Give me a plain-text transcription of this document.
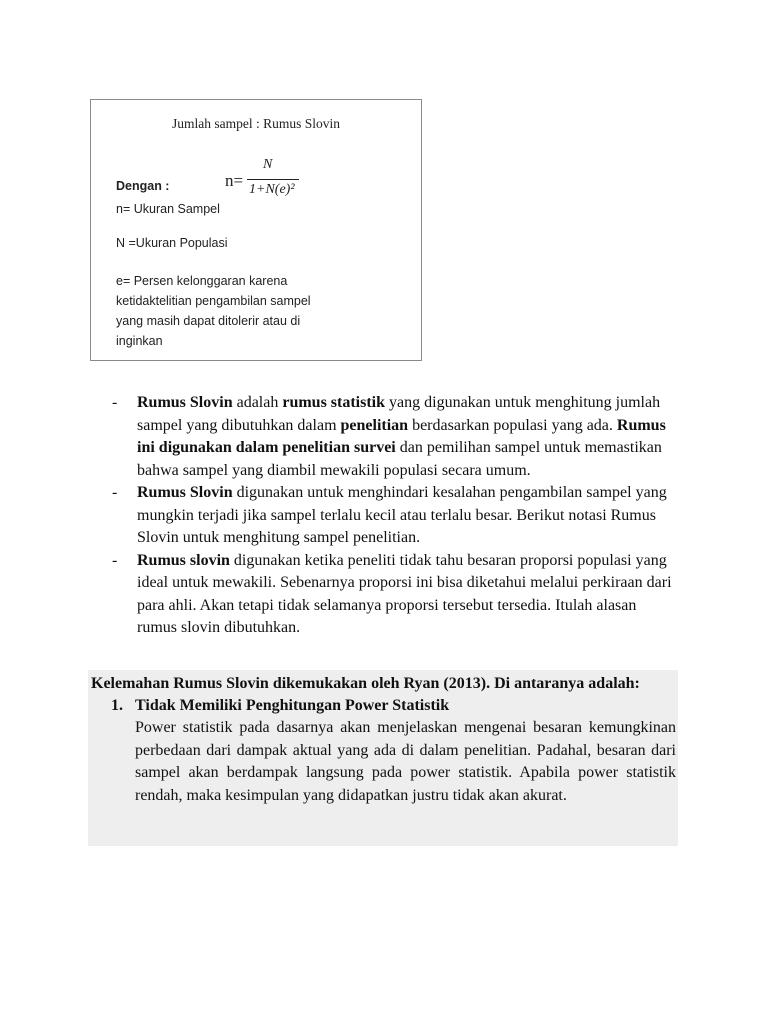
Jumlah sampel : Rumus Slovin
n=
N
1+N(e)²
Dengan :
n= Ukuran Sampel
N =Ukuran Populasi
e= Persen kelonggaran karena
ketidaktelitian pengambilan sampel
yang masih dapat ditolerir atau di
inginkan
- Rumus Slovin adalah rumus statistik yang digunakan untuk menghitung jumlah sampel yang dibutuhkan dalam penelitian berdasarkan populasi yang ada. Rumus ini digunakan dalam penelitian survei dan pemilihan sampel untuk memastikan bahwa sampel yang diambil mewakili populasi secara umum.
- Rumus Slovin digunakan untuk menghindari kesalahan pengambilan sampel yang mungkin terjadi jika sampel terlalu kecil atau terlalu besar. Berikut notasi Rumus Slovin untuk menghitung sampel penelitian.
- Rumus slovin digunakan ketika peneliti tidak tahu besaran proporsi populasi yang ideal untuk mewakili. Sebenarnya proporsi ini bisa diketahui melalui perkiraan dari para ahli. Akan tetapi tidak selamanya proporsi tersebut tersedia. Itulah alasan rumus slovin dibutuhkan.
Kelemahan Rumus Slovin dikemukakan oleh Ryan (2013). Di antaranya adalah:
1. Tidak Memiliki Penghitungan Power Statistik
Power statistik pada dasarnya akan menjelaskan mengenai besaran kemungkinan perbedaan dari dampak aktual yang ada di dalam penelitian. Padahal, besaran dari sampel akan berdampak langsung pada power statistik. Apabila power statistik rendah, maka kesimpulan yang didapatkan justru tidak akan akurat.
